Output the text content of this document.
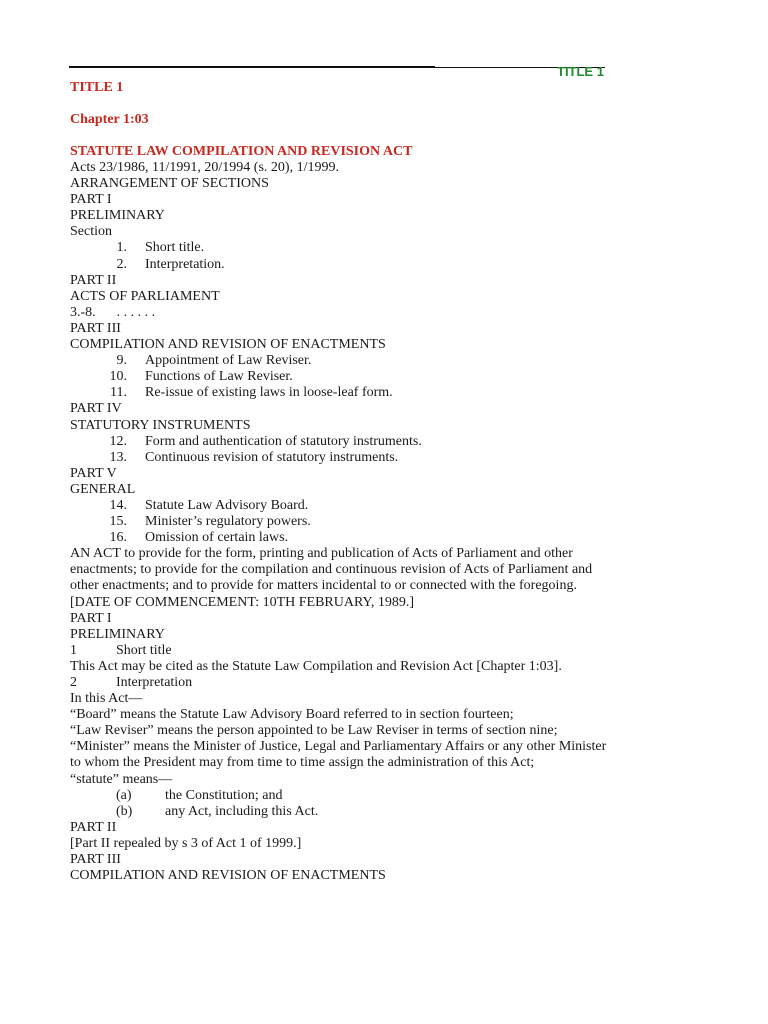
TITLE 1
TITLE 1
Chapter 1:03
STATUTE LAW COMPILATION AND REVISION ACT
Acts 23/1986, 11/1991, 20/1994 (s. 20), 1/1999.
ARRANGEMENT OF SECTIONS
PART I
PRELIMINARY
Section
1.	Short title.
2.	Interpretation.
PART II
ACTS OF PARLIAMENT
3.-8.      . . . . . .
PART III
COMPILATION AND REVISION OF ENACTMENTS
9.	Appointment of Law Reviser.
10.	Functions of Law Reviser.
11.	Re-issue of existing laws in loose-leaf form.
PART IV
STATUTORY INSTRUMENTS
12.	Form and authentication of statutory instruments.
13.	Continuous revision of statutory instruments.
PART V
GENERAL
14.	Statute Law Advisory Board.
15.	Minister’s regulatory powers.
16.	Omission of certain laws.
AN ACT to provide for the form, printing and publication of Acts of Parliament and other enactments; to provide for the compilation and continuous revision of Acts of Parliament and other enactments; and to provide for matters incidental to or connected with the foregoing.
[DATE OF COMMENCEMENT: 10TH FEBRUARY, 1989.]
PART I
PRELIMINARY
1	Short title
This Act may be cited as the Statute Law Compilation and Revision Act [Chapter 1:03].
2	Interpretation
In this Act—
“Board” means the Statute Law Advisory Board referred to in section fourteen;
“Law Reviser” means the person appointed to be Law Reviser in terms of section nine;
“Minister” means the Minister of Justice, Legal and Parliamentary Affairs or any other Minister to whom the President may from time to time assign the administration of this Act;
“statute” means—
(a)	the Constitution; and
(b)	any Act, including this Act.
PART II
[Part II repealed by s 3 of Act 1 of 1999.]
PART III
COMPILATION AND REVISION OF ENACTMENTS
